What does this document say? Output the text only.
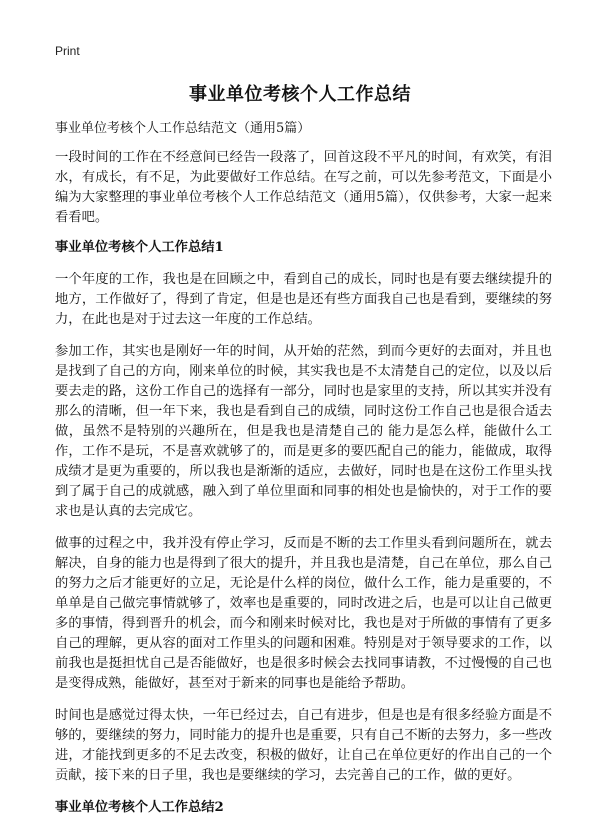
Print
事业单位考核个人工作总结

事业单位考核个人工作总结范文（通用5篇）

一段时间的工作在不经意间已经告一段落了，回首这段不平凡的时间，有欢笑，有泪水，有成长，有不足，为此要做好工作总结。在写之前，可以先参考范文，下面是小编为大家整理的事业单位考核个人工作总结范文（通用5篇），仅供参考，大家一起来看看吧。

事业单位考核个人工作总结1

一个年度的工作，我也是在回顾之中，看到自己的成长，同时也是有要去继续提升的地方，工作做好了，得到了肯定，但是也是还有些方面我自己也是看到，要继续的努力，在此也是对于过去这一年度的工作总结。

参加工作，其实也是刚好一年的时间，从开始的茫然，到而今更好的去面对，并且也是找到了自己的方向，刚来单位的时候，其实我也是不太清楚自己的定位，以及以后要去走的路，这份工作自己的选择有一部分，同时也是家里的支持，所以其实并没有那么的清晰，但一年下来，我也是看到自己的成绩，同时这份工作自己也是很合适去做，虽然不是特别的兴趣所在，但是我也是清楚自己的 能力是怎么样，能做什么工作，工作不是玩，不是喜欢就够了的，而是更多的要匹配自己的能力，能做成，取得成绩才是更为重要的，所以我也是渐渐的适应，去做好，同时也是在这份工作里头找到了属于自己的成就感，融入到了单位里面和同事的相处也是愉快的，对于工作的要求也是认真的去完成它。

做事的过程之中，我并没有停止学习，反而是不断的去工作里头看到问题所在，就去解决，自身的能力也是得到了很大的提升，并且我也是清楚，自己在单位，那么自己的努力之后才能更好的立足，无论是什么样的岗位，做什么工作，能力是重要的，不单单是自己做完事情就够了，效率也是重要的，同时改进之后，也是可以让自己做更多的事情，得到晋升的机会，而今和刚来时候对比，我也是对于所做的事情有了更多自己的理解，更从容的面对工作里头的问题和困难。特别是对于领导要求的工作，以前我也是挺担忧自己是否能做好，也是很多时候会去找同事请教，不过慢慢的自己也是变得成熟，能做好，甚至对于新来的同事也是能给予帮助。

时间也是感觉过得太快，一年已经过去，自己有进步，但是也是有很多经验方面是不够的，要继续的努力，同时能力的提升也是重要，只有自己不断的去努力，多一些改进，才能找到更多的不足去改变，积极的做好，让自己在单位更好的作出自己的一个贡献，接下来的日子里，我也是要继续的学习，去完善自己的工作，做的更好。

事业单位考核个人工作总结2
